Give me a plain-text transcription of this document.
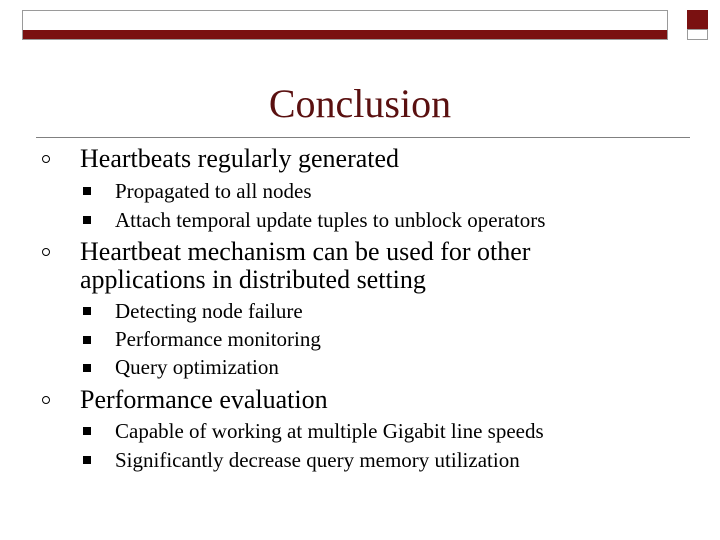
Conclusion
Heartbeats regularly generated
Propagated to all nodes
Attach temporal update tuples to unblock operators
Heartbeat mechanism can be used for other
applications in distributed setting
Detecting node failure
Performance monitoring
Query optimization
Performance evaluation
Capable of working at multiple Gigabit line speeds
Significantly decrease query memory utilization
